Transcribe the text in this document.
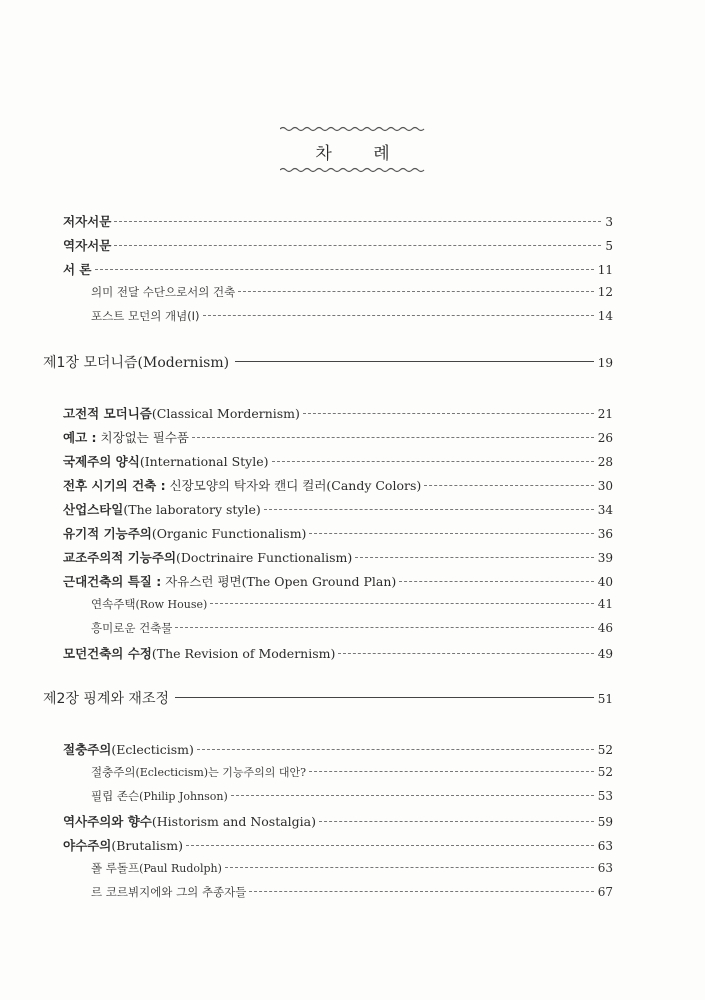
차 례
저자서문	3
역자서문	5
서 론	11
의미 전달 수단으로서의 건축	12
포스트 모던의 개념(Ⅰ)	14
제1장 모더니즘(Modernism)	19
고전적 모더니즘(Classical Mordernism)	21
예고 : 치장없는 필수품	26
국제주의 양식(International Style)	28
전후 시기의 건축 : 신장모양의 탁자와 캔디 컬러(Candy Colors)	30
산업스타일(The laboratory style)	34
유기적 기능주의(Organic Functionalism)	36
교조주의적 기능주의(Doctrinaire Functionalism)	39
근대건축의 특질 : 자유스런 평면(The Open Ground Plan)	40
연속주택(Row House)	41
흥미로운 건축물	46
모던건축의 수정(The Revision of Modernism)	49
제2장 핑계와 재조정	51
절충주의(Eclecticism)	52
절충주의(Eclecticism)는 기능주의의 대안?	52
필립 존슨(Philip Johnson)	53
역사주의와 향수(Historism and Nostalgia)	59
야수주의(Brutalism)	63
폴 루돌프(Paul Rudolph)	63
르 코르뷔지에와 그의 추종자들	67
